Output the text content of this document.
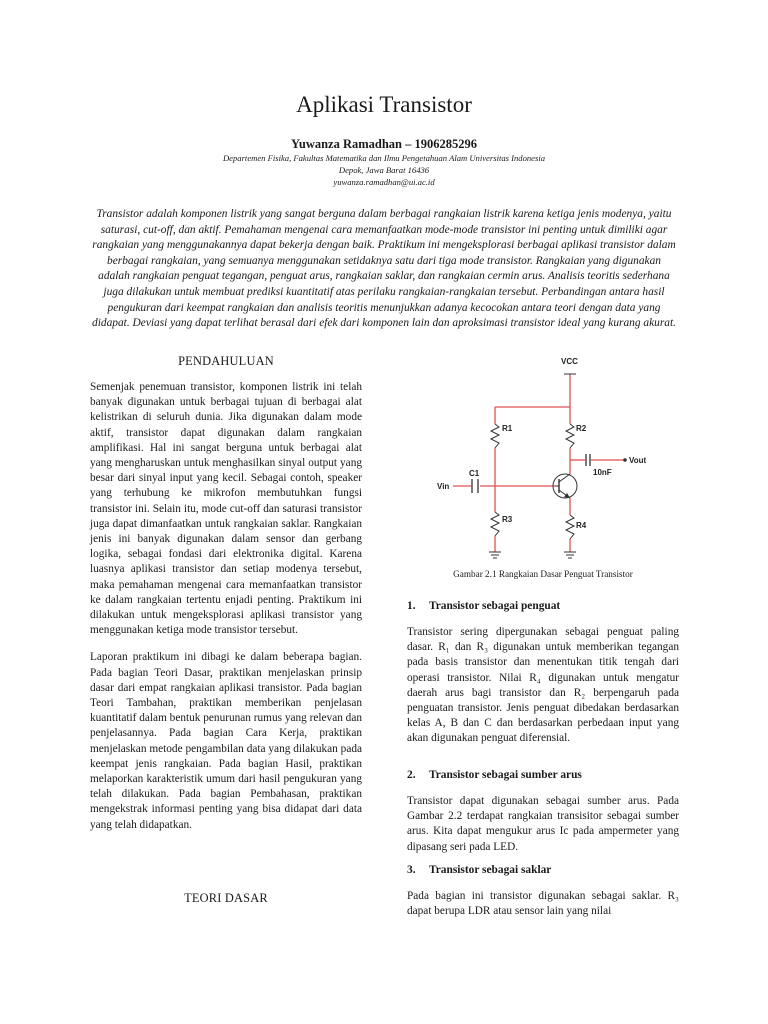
Aplikasi Transistor
Yuwanza Ramadhan – 1906285296
Departemen Fisika, Fakultas Matematika dan Ilmu Pengetahuan Alam Universitas Indonesia
Depok, Jawa Barat 16436
yuwanza.ramadhan@ui.ac.id

Transistor adalah komponen listrik yang sangat berguna dalam berbagai rangkaian listrik karena ketiga jenis modenya, yaitu saturasi, cut-off, dan aktif. Pemahaman mengenai cara memanfaatkan mode-mode transistor ini penting untuk dimiliki agar rangkaian yang menggunakannya dapat bekerja dengan baik. Praktikum ini mengeksplorasi berbagai aplikasi transistor dalam berbagai rangkaian, yang semuanya menggunakan setidaknya satu dari tiga mode transistor. Rangkaian yang digunakan adalah rangkaian penguat tegangan, penguat arus, rangkaian saklar, dan rangkaian cermin arus. Analisis teoritis sederhana juga dilakukan untuk membuat prediksi kuantitatif atas perilaku rangkaian-rangkaian tersebut. Perbandingan antara hasil pengukuran dari keempat rangkaian dan analisis teoritis menunjukkan adanya kecocokan antara teori dengan data yang didapat. Deviasi yang dapat terlihat berasal dari efek dari komponen lain dan aproksimasi transistor ideal yang kurang akurat.

PENDAHULUAN

Semenjak penemuan transistor, komponen listrik ini telah banyak digunakan untuk berbagai tujuan di berbagai alat kelistrikan di seluruh dunia. Jika digunakan dalam mode aktif, transistor dapat digunakan dalam rangkaian amplifikasi. Hal ini sangat berguna untuk berbagai alat yang mengharuskan untuk menghasilkan sinyal output yang besar dari sinyal input yang kecil. Sebagai contoh, speaker yang terhubung ke mikrofon membutuhkan fungsi transistor ini. Selain itu, mode cut-off dan saturasi transistor juga dapat dimanfaatkan untuk rangkaian saklar. Rangkaian jenis ini banyak digunakan dalam sensor dan gerbang logika, sebagai fondasi dari elektronika digital. Karena luasnya aplikasi transistor dan setiap modenya tersebut, maka pemahaman mengenai cara memanfaatkan transistor ke dalam rangkaian tertentu enjadi penting. Praktikum ini dilakukan untuk mengeksplorasi aplikasi transistor yang menggunakan ketiga mode transistor tersebut.

Laporan praktikum ini dibagi ke dalam beberapa bagian. Pada bagian Teori Dasar, praktikan menjelaskan prinsip dasar dari empat rangkaian aplikasi transistor. Pada bagian Teori Tambahan, praktikan memberikan penjelasan kuantitatif dalam bentuk penurunan rumus yang relevan dan penjelasannya. Pada bagian Cara Kerja, praktikan menjelaskan metode pengambilan data yang dilakukan pada keempat jenis rangkaian. Pada bagian Hasil, praktikan melaporkan karakteristik umum dari hasil pengukuran yang telah dilakukan. Pada bagian Pembahasan, praktikan mengekstrak informasi penting yang bisa didapat dari data yang telah didapatkan.

TEORI DASAR
VCC
R1	R2
R3
R4
C1
Vin
Vout
10nF
Gambar 2.1 Rangkaian Dasar Penguat Transistor
1. Transistor sebagai penguat
Transistor sering dipergunakan sebagai penguat paling dasar. R₁ dan R₃ digunakan untuk memberikan tegangan pada basis transistor dan menentukan titik tengah dari operasi transistor. Nilai R₄ digunakan untuk mengatur daerah arus bagi transistor dan R₂ berpengaruh pada penguatan transistor. Jenis penguat dibedakan berdasarkan kelas A, B dan C dan berdasarkan perbedaan input yang akan digunakan penguat diferensial.
2. Transistor sebagai sumber arus
Transistor dapat digunakan sebagai sumber arus. Pada Gambar 2.2 terdapat rangkaian transisitor sebagai sumber arus. Kita dapat mengukur arus Ic pada ampermeter yang dipasang seri pada LED.
3. Transistor sebagai saklar
Pada bagian ini transistor digunakan sebagai saklar. R₃ dapat berupa LDR atau sensor lain yang nilai
